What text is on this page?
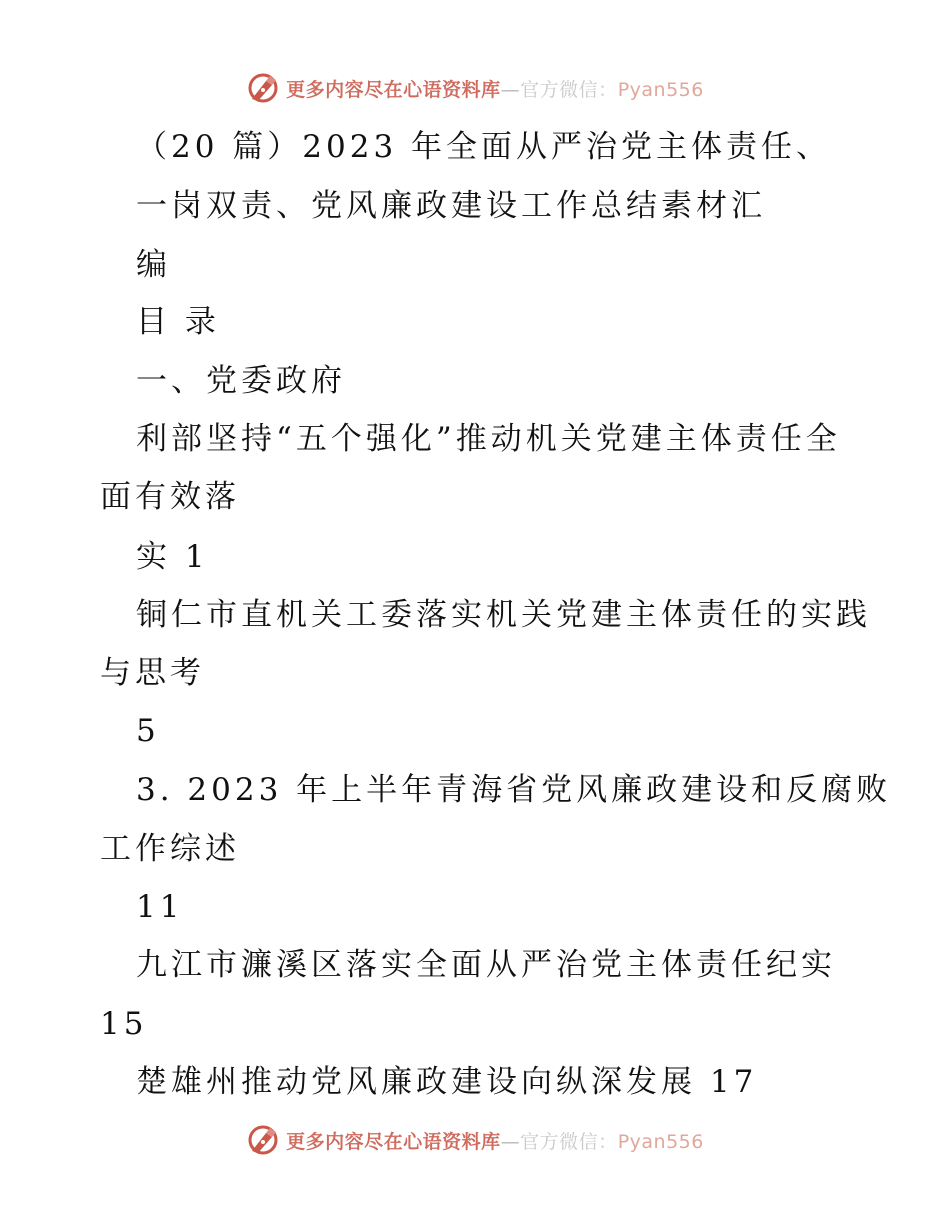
更多内容尽在心语资料库—官方微信：Pyan556
（20 篇）2023 年全面从严治党主体责任、
一岗双责、党风廉政建设工作总结素材汇
编
目 录
一、党委政府
利部坚持“五个强化”推动机关党建主体责任全
面有效落
实 1
铜仁市直机关工委落实机关党建主体责任的实践
与思考
5
3. 2023 年上半年青海省党风廉政建设和反腐败
工作综述
11
九江市濂溪区落实全面从严治党主体责任纪实
15
楚雄州推动党风廉政建设向纵深发展 17
更多内容尽在心语资料库—官方微信：Pyan556
